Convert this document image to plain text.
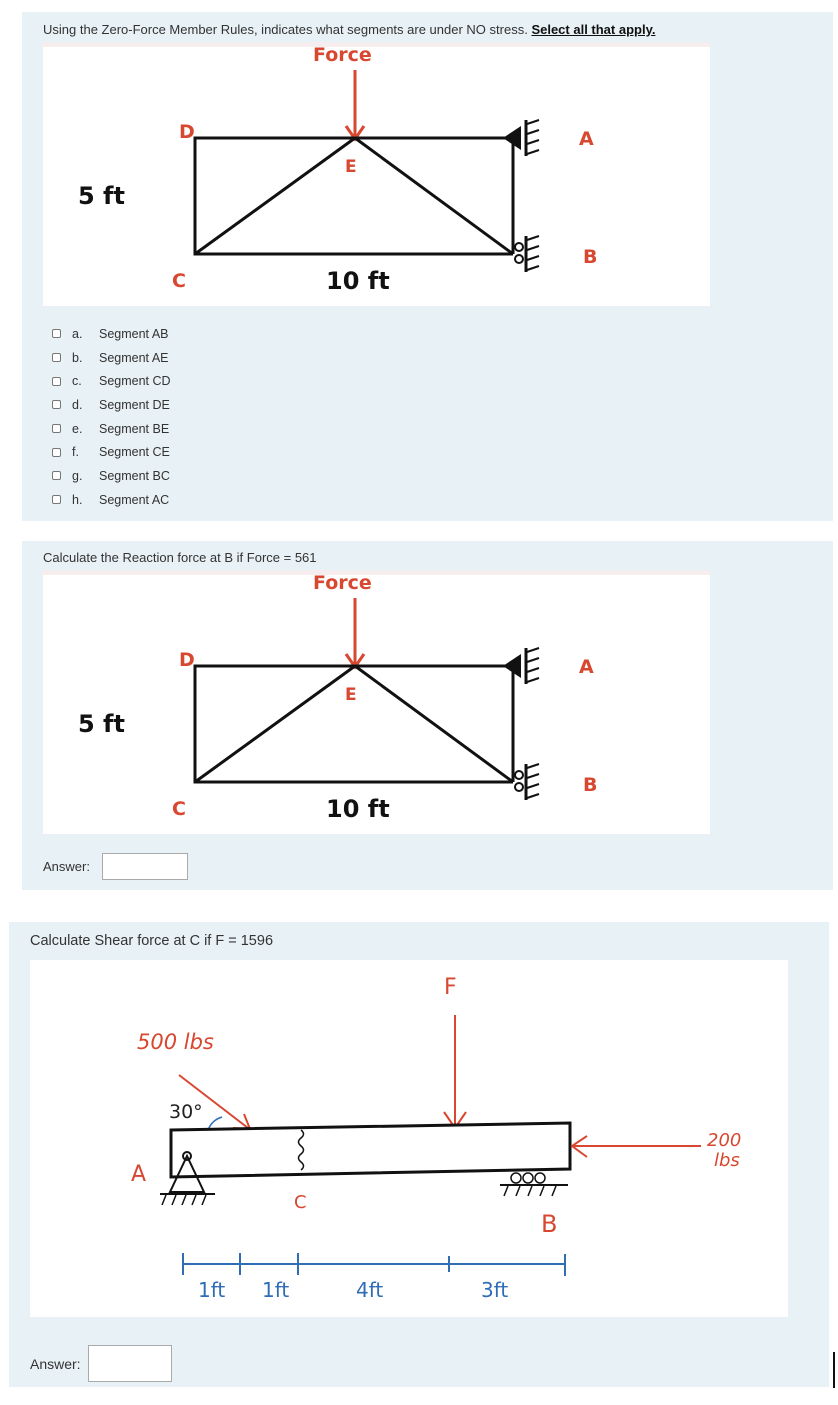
Using the Zero-Force Member Rules, indicates what segments are under NO stress. Select all that apply.
Force
A
B
C
D
E
5 ft
10 ft
a.	Segment AB
b.	Segment AE
c.	Segment CD
d.	Segment DE
e.	Segment BE
f.	Segment CE
g.	Segment BC
h.	Segment AC
Calculate the Reaction force at B if Force = 561
Force
A
B
C
D
E
5 ft
10 ft
Answer:
Calculate Shear force at C if F = 1596
F
500 lbs
30°
A
C
B
200
lbs
1ft 1ft	4ft	3ft
Answer:
